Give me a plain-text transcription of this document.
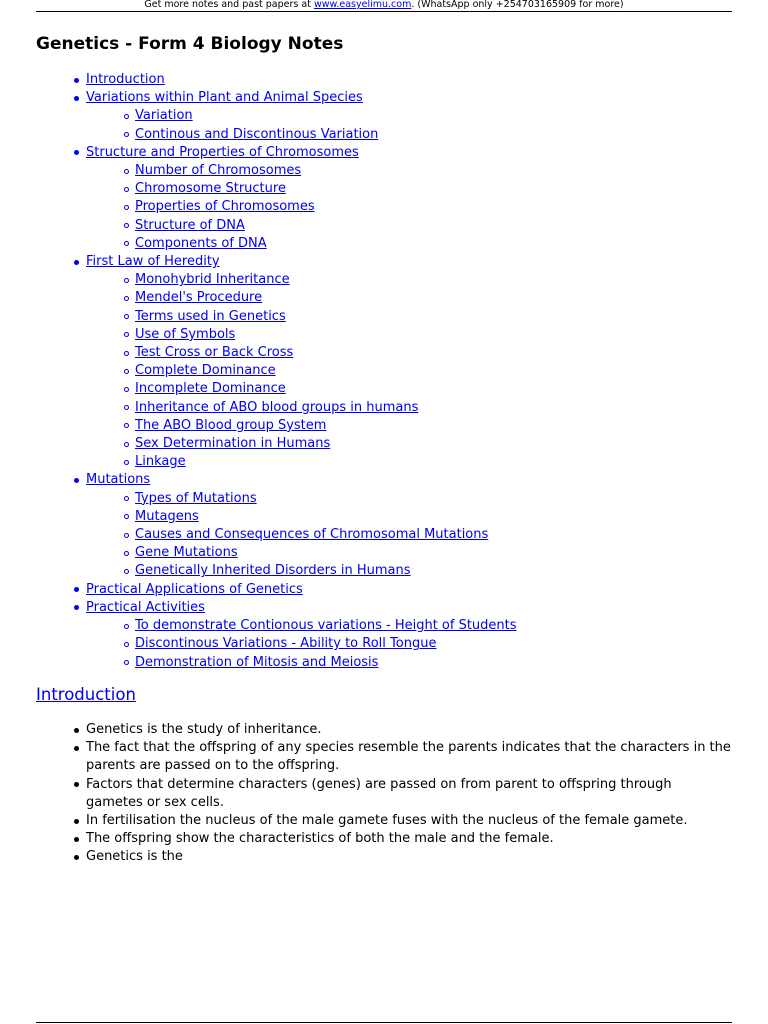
Get more notes and past papers at www.easyelimu.com. (WhatsApp only +254703165909 for more)
Genetics - Form 4 Biology Notes
Introduction
Variations within Plant and Animal Species
Variation
Continous and Discontinous Variation
Structure and Properties of Chromosomes
Number of Chromosomes
Chromosome Structure
Properties of Chromosomes
Structure of DNA
Components of DNA
First Law of Heredity
Monohybrid Inheritance
Mendel's Procedure
Terms used in Genetics
Use of Symbols
Test Cross or Back Cross
Complete Dominance
Incomplete Dominance
Inheritance of ABO blood groups in humans
The ABO Blood group System
Sex Determination in Humans
Linkage
Mutations
Types of Mutations
Mutagens
Causes and Consequences of Chromosomal Mutations
Gene Mutations
Genetically Inherited Disorders in Humans
Practical Applications of Genetics
Practical Activities
To demonstrate Contionous variations - Height of Students
Discontinous Variations - Ability to Roll Tongue
Demonstration of Mitosis and Meiosis
Introduction
Genetics is the study of inheritance.
The fact that the offspring of any species resemble the parents indicates that the characters in the parents are passed on to the offspring.
Factors that determine characters (genes) are passed on from parent to offspring through gametes or sex cells.
In fertilisation the nucleus of the male gamete fuses with the nucleus of the female gamete.
The offspring show the characteristics of both the male and the female.
Genetics is the
